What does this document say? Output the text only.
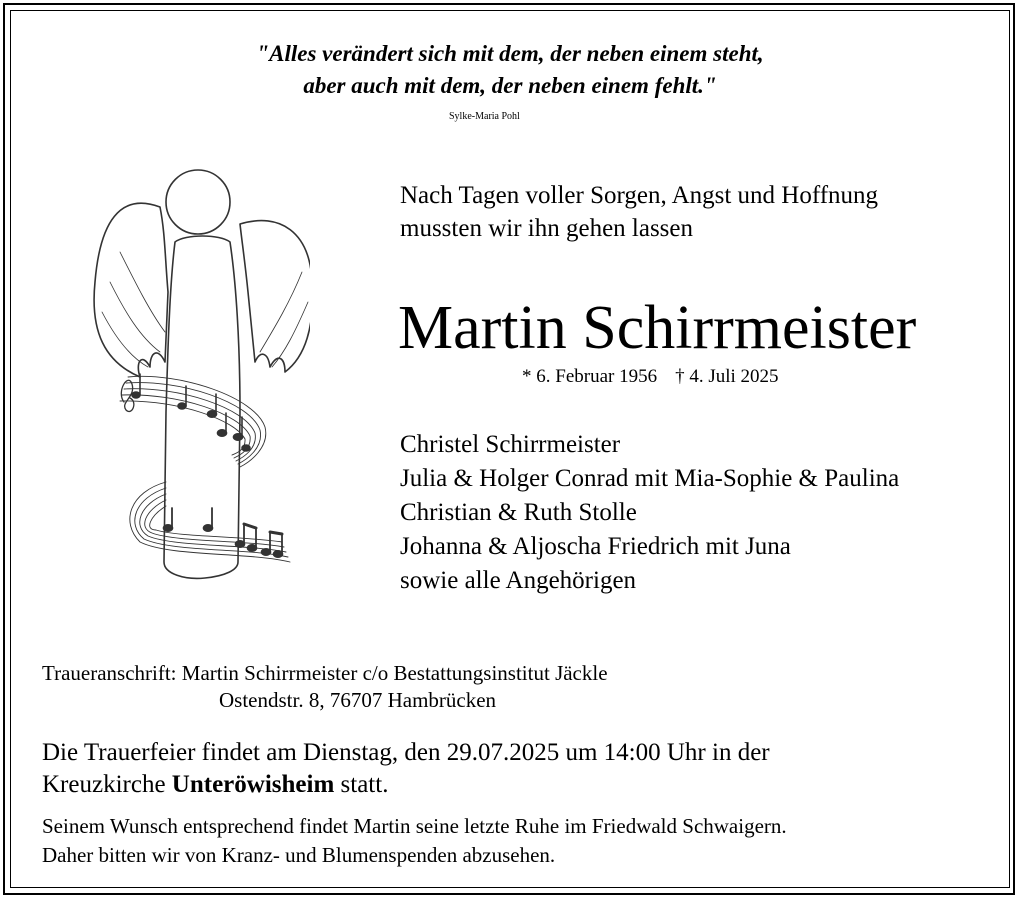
"Alles verändert sich mit dem, der neben einem steht,
aber auch mit dem, der neben einem fehlt."
Sylke-Maria Pohl
Nach Tagen voller Sorgen, Angst und Hoffnung
mussten wir ihn gehen lassen
Martin Schirrmeister
* 6. Februar 1956 † 4. Juli 2025
Christel Schirrmeister
Julia & Holger Conrad mit Mia-Sophie & Paulina
Christian & Ruth Stolle
Johanna & Aljoscha Friedrich mit Juna
sowie alle Angehörigen
Traueranschrift: Martin Schirrmeister c/o Bestattungsinstitut Jäckle
Ostendstr. 8, 76707 Hambrücken
Die Trauerfeier findet am Dienstag, den 29.07.2025 um 14:00 Uhr in der
Kreuzkirche Unteröwisheim statt.
Seinem Wunsch entsprechend findet Martin seine letzte Ruhe im Friedwald Schwaigern.
Daher bitten wir von Kranz- und Blumenspenden abzusehen.
